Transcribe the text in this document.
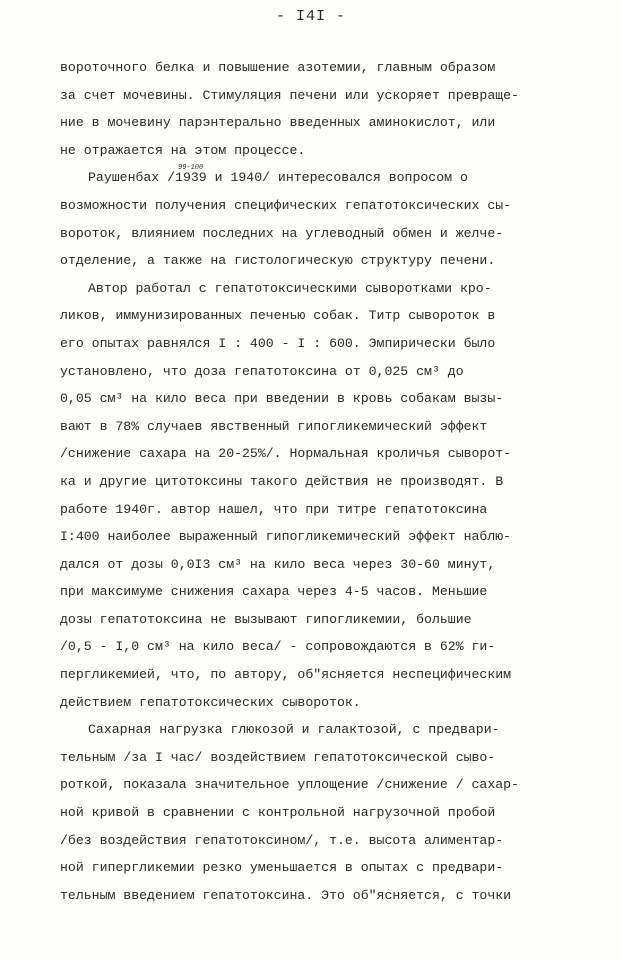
- I4I -
вороточного белка и повышение азотемии, главным образом
за счет мочевины. Стимуляция печени или ускоряет превраще-
ние в мочевину парэнтерально введенных аминокислот, или
не отражается на этом процессе.
99-100
Раушенбах /1939 и 1940/ интересовался вопросом о
возможности получения специфических гепатотоксических сы-
вороток, влиянием последних на углеводный обмен и желче-
отделение, а также на гистологическую структуру печени.
Автор работал с гепатотоксическими сыворотками кро-
ликов, иммунизированных печенью собак. Титр сывороток в
его опытах равнялся I : 400 - I : 600. Эмпирически было
установлено, что доза гепатотоксина от 0,025 см³ до
0,05 см³ на кило веса при введении в кровь собакам вызы-
вают в 78% случаев явственный гипогликемический эффект
/снижение сахара на 20-25%/. Нормальная кроличья сыворот-
ка и другие цитотоксины такого действия не производят. В
работе 1940г. автор нашел, что при титре гепатотоксина
I:400 наиболее выраженный гипогликемический эффект наблю-
дался от дозы 0,0I3 см³ на кило веса через 30-60 минут,
при максимуме снижения сахара через 4-5 часов. Меньшие
дозы гепатотоксина не вызывают гипогликемии, большие
/0,5 - I,0 см³ на кило веса/ - сопровождаются в 62% ги-
пергликемией, что, по автору, об"ясняется неспецифическим
действием гепатотоксических сывороток.
Сахарная нагрузка глюкозой и галактозой, с предвари-
тельным /за I час/ воздействием гепатотоксической сыво-
роткой, показала значительное уплощение /снижение / сахар-
ной кривой в сравнении с контрольной нагрузочной пробой
/без воздействия гепатотоксином/, т.е. высота алиментар-
ной гипергликемии резко уменьшается в опытах с предвари-
тельным введением гепатотоксина. Это об"ясняется, с точки
